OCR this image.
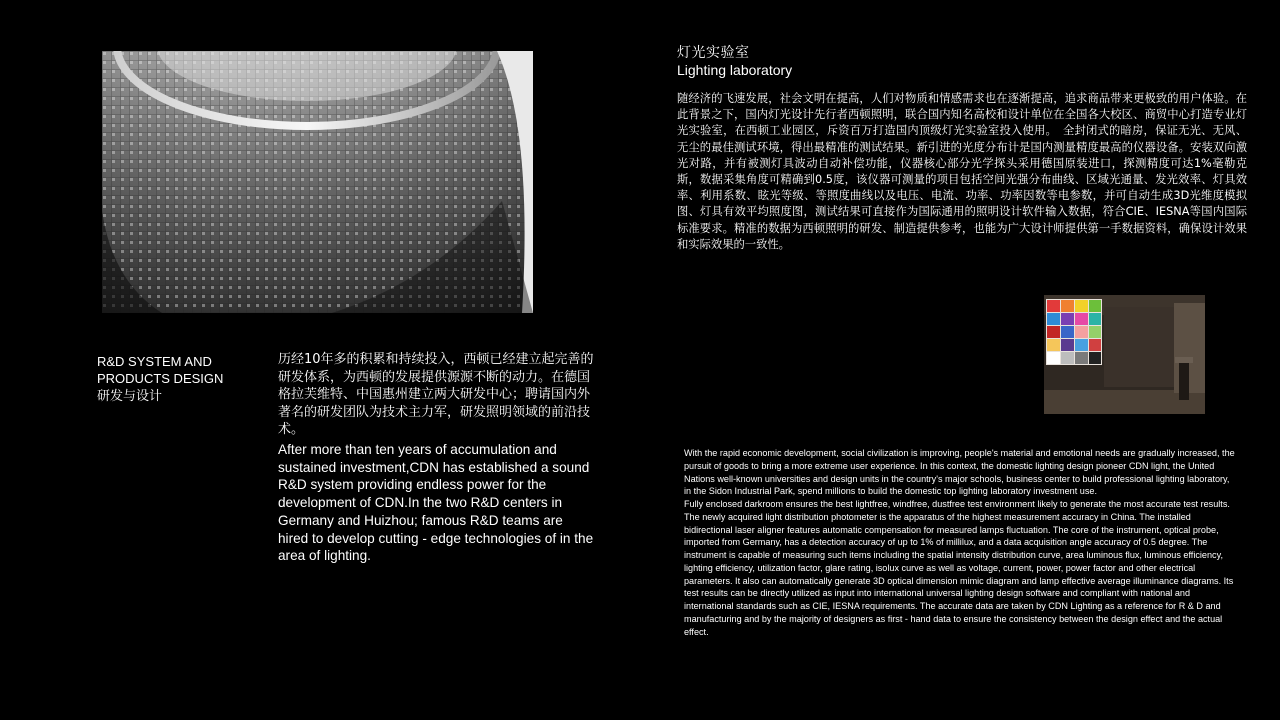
灯光实验室
Lighting laboratory
随经济的飞速发展，社会文明在提高，人们对物质和情感需求也在逐渐提高，追求商品带来更极致的用户体验。在此背景之下，国内灯光设计先行者西顿照明，联合国内知名高校和设计单位在全国各大校区、商贸中心打造专业灯光实验室，在西顿工业园区，斥资百万打造国内顶级灯光实验室投入使用。　全封闭式的暗房，保证无光、无风、无尘的最佳测试环境，得出最精准的测试结果。新引进的光度分布计是国内测量精度最高的仪器设备。安装双向激光对路，并有被测灯具波动自动补偿功能，仪器核心部分光学探头采用德国原装进口，探测精度可达1%毫勒克斯，数据采集角度可精确到0.5度，该仪器可测量的项目包括空间光强分布曲线、区域光通量、发光效率、灯具效率、利用系数、眩光等级、等照度曲线以及电压、电流、功率、功率因数等电参数，并可自动生成3D光维度模拟图、灯具有效平均照度图，测试结果可直接作为国际通用的照明设计软件输入数据，符合CIE、IESNA等国内国际标准要求。精准的数据为西顿照明的研发、制造提供参考，也能为广大设计师提供第一手数据资料，确保设计效果和实际效果的一致性。

With the rapid economic development, social civilization is improving, people's material and emotional needs are gradually increased, the pursuit of goods to bring a more extreme user experience. In this context, the domestic lighting design pioneer CDN light, the United Nations well-known universities and design units in the country's major schools, business center to build professional lighting laboratory, in the Sidon Industrial Park, spend millions to build the domestic top lighting laboratory investment use.

Fully enclosed darkroom ensures the best lightfree, windfree, dustfree test environment likely to generate the most accurate test results. The newly acquired light distribution photometer is the apparatus of the highest measurement accuracy in China. The installed bidirectional laser aligner features automatic compensation for measured lamps fluctuation. The core of the instrument, optical probe, imported from Germany, has a detection accuracy of up to 1% of millilux, and a data acquisition angle accuracy of 0.5 degree. The instrument is capable of measuring such items including the spatial intensity distribution curve, area luminous flux, luminous efficiency, lighting efficiency, utilization factor, glare rating, isolux curve as well as voltage, current, power, power factor and other electrical parameters. It also can automatically generate 3D optical dimension mimic diagram and lamp effective average illuminance diagrams. Its test results can be directly utilized as input into international universal lighting design software and compliant with national and international standards such as CIE, IESNA requirements. The accurate data are taken by CDN Lighting as a reference for R & D and manufacturing and by the majority of designers as first - hand data to ensure the consistency between the design effect and the actual effect.

R&D SYSTEM AND
PRODUCTS DESIGN
研发与设计
历经10年多的积累和持续投入，西顿已经建立起完善的研发体系，为西顿的发展提供源源不断的动力。在德国格拉芙维特、中国惠州建立两大研发中心；聘请国内外著名的研发团队为技术主力军，研发照明领域的前沿技术。
After more than ten years of accumulation and sustained investment,CDN has established a sound R&D system providing endless power for the development of CDN.In the two R&D centers in Germany and Huizhou; famous R&D teams are hired to develop cutting - edge technologies of in the area of lighting.
